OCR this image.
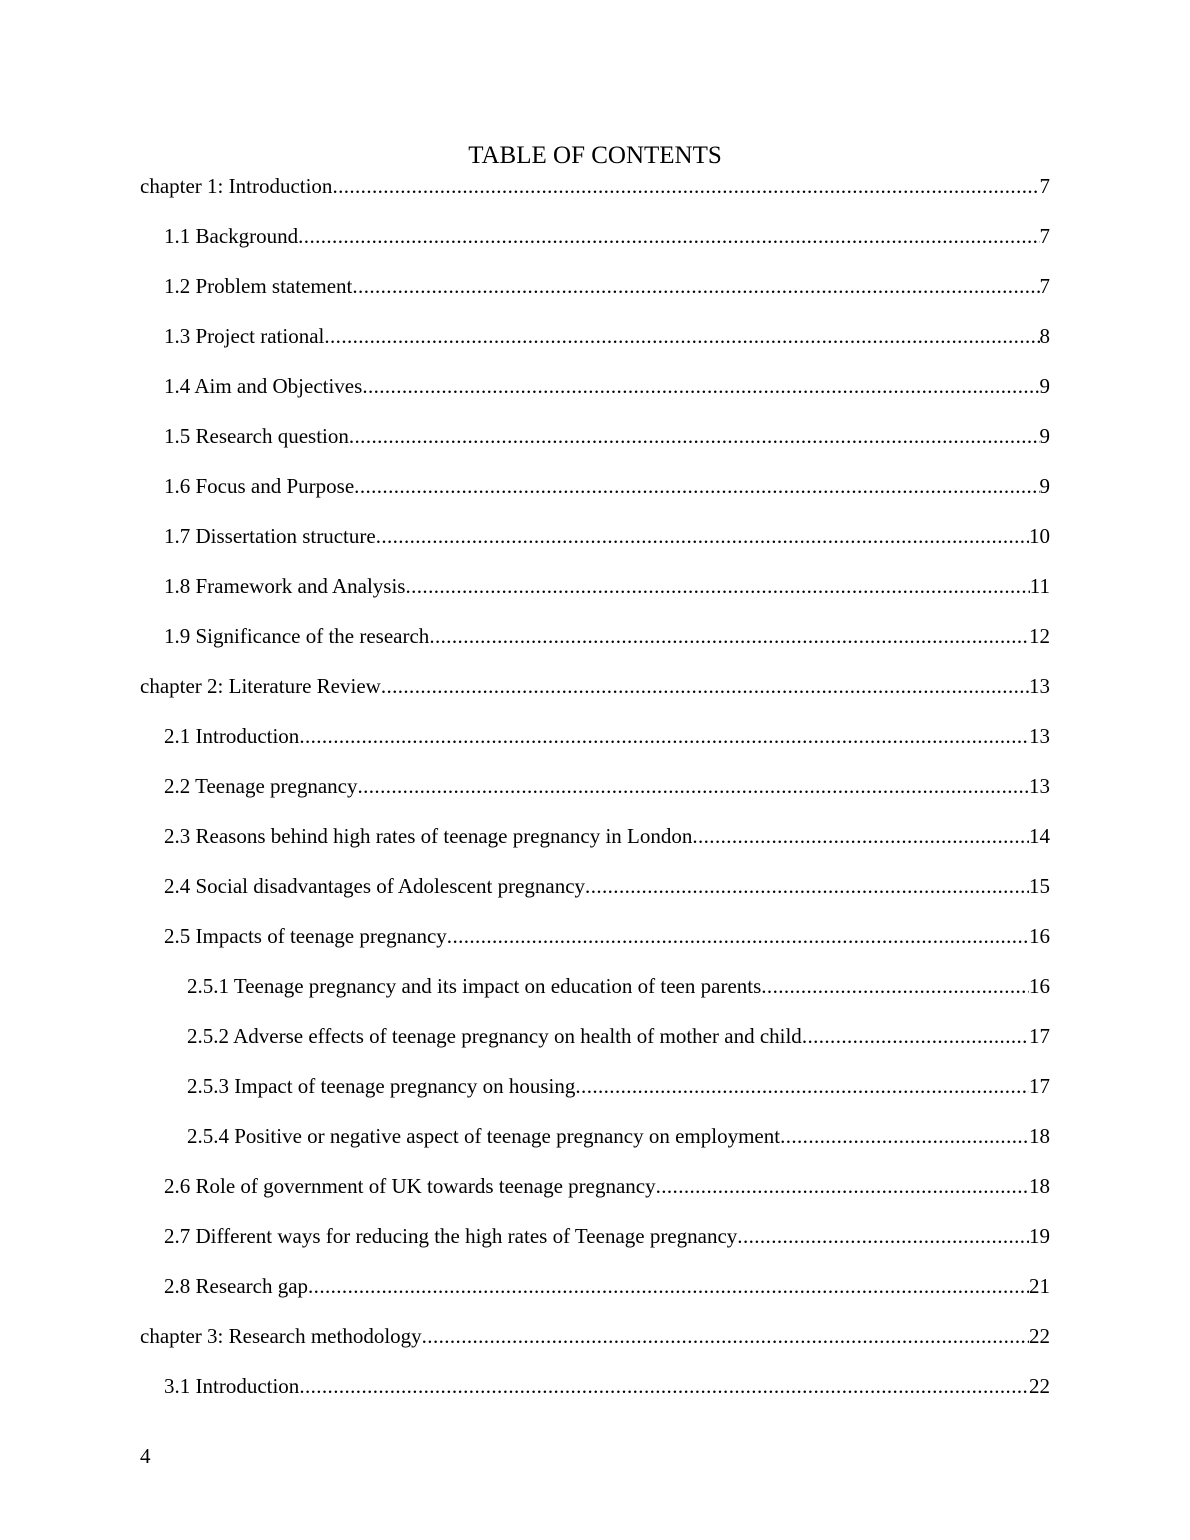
TABLE OF CONTENTS
chapter 1: Introduction .....	7
1.1 Background .....	7
1.2 Problem statement .....	7
1.3 Project rational .....	8
1.4 Aim and Objectives .....	9
1.5 Research question .....	9
1.6 Focus and Purpose .....	9
1.7 Dissertation structure .....	10
1.8 Framework and Analysis .....	11
1.9 Significance of the research .....	12
chapter 2: Literature Review .....	13
2.1 Introduction .....	13
2.2 Teenage pregnancy .....	13
2.3 Reasons behind high rates of teenage pregnancy in London .....	14
2.4 Social disadvantages of Adolescent pregnancy .....	15
2.5 Impacts of teenage pregnancy .....	16
2.5.1 Teenage pregnancy and its impact on education of teen parents .....	16
2.5.2 Adverse effects of teenage pregnancy on health of mother and child .....	17
2.5.3 Impact of teenage pregnancy on housing .....	17
2.5.4 Positive or negative aspect of teenage pregnancy on employment .....	18
2.6 Role of government of UK towards teenage pregnancy .....	18
2.7 Different ways for reducing the high rates of Teenage pregnancy .....	19
2.8 Research gap .....	21
chapter 3: Research methodology .....	22
3.1 Introduction .....	22
4
